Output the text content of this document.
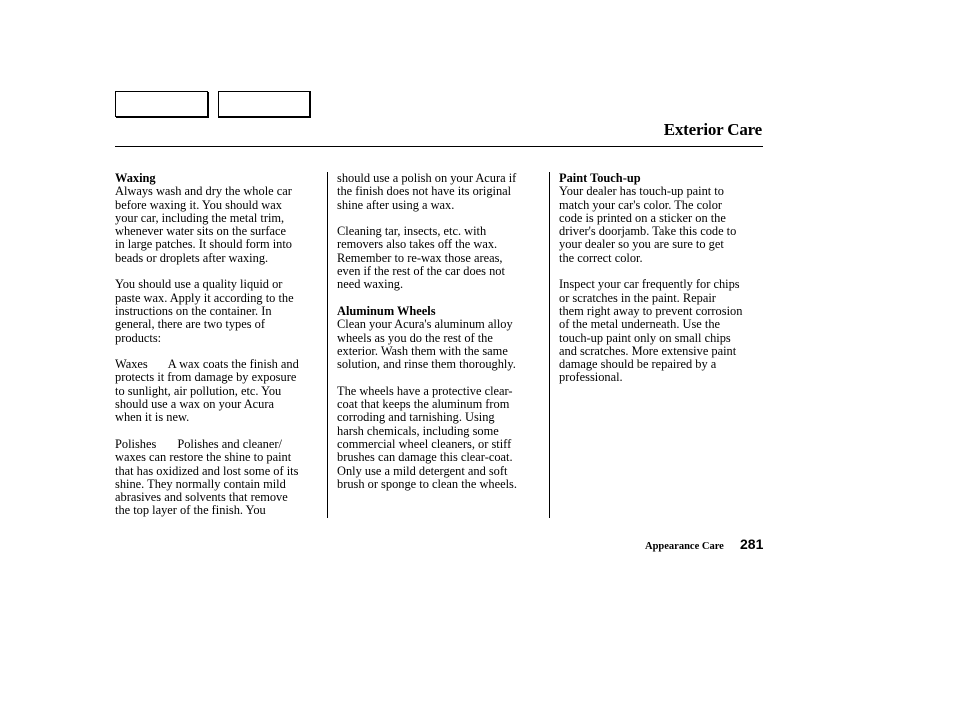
Exterior Care
Waxing
Always wash and dry the whole car
before waxing it. You should wax
your car, including the metal trim,
whenever water sits on the surface
in large patches. It should form into
beads or droplets after waxing.
You should use a quality liquid or
paste wax. Apply it according to the
instructions on the container. In
general, there are two types of
products:
Waxes A wax coats the finish and
protects it from damage by exposure
to sunlight, air pollution, etc. You
should use a wax on your Acura
when it is new.
Polishes Polishes and cleaner/
waxes can restore the shine to paint
that has oxidized and lost some of its
shine. They normally contain mild
abrasives and solvents that remove
the top layer of the finish. You
should use a polish on your Acura if
the finish does not have its original
shine after using a wax.
Cleaning tar, insects, etc. with
removers also takes off the wax.
Remember to re-wax those areas,
even if the rest of the car does not
need waxing.
Aluminum Wheels
Clean your Acura's aluminum alloy
wheels as you do the rest of the
exterior. Wash them with the same
solution, and rinse them thoroughly.
The wheels have a protective clear-
coat that keeps the aluminum from
corroding and tarnishing. Using
harsh chemicals, including some
commercial wheel cleaners, or stiff
brushes can damage this clear-coat.
Only use a mild detergent and soft
brush or sponge to clean the wheels.
Paint Touch-up
Your dealer has touch-up paint to
match your car's color. The color
code is printed on a sticker on the
driver's doorjamb. Take this code to
your dealer so you are sure to get
the correct color.
Inspect your car frequently for chips
or scratches in the paint. Repair
them right away to prevent corrosion
of the metal underneath. Use the
touch-up paint only on small chips
and scratches. More extensive paint
damage should be repaired by a
professional.
Appearance Care 281
